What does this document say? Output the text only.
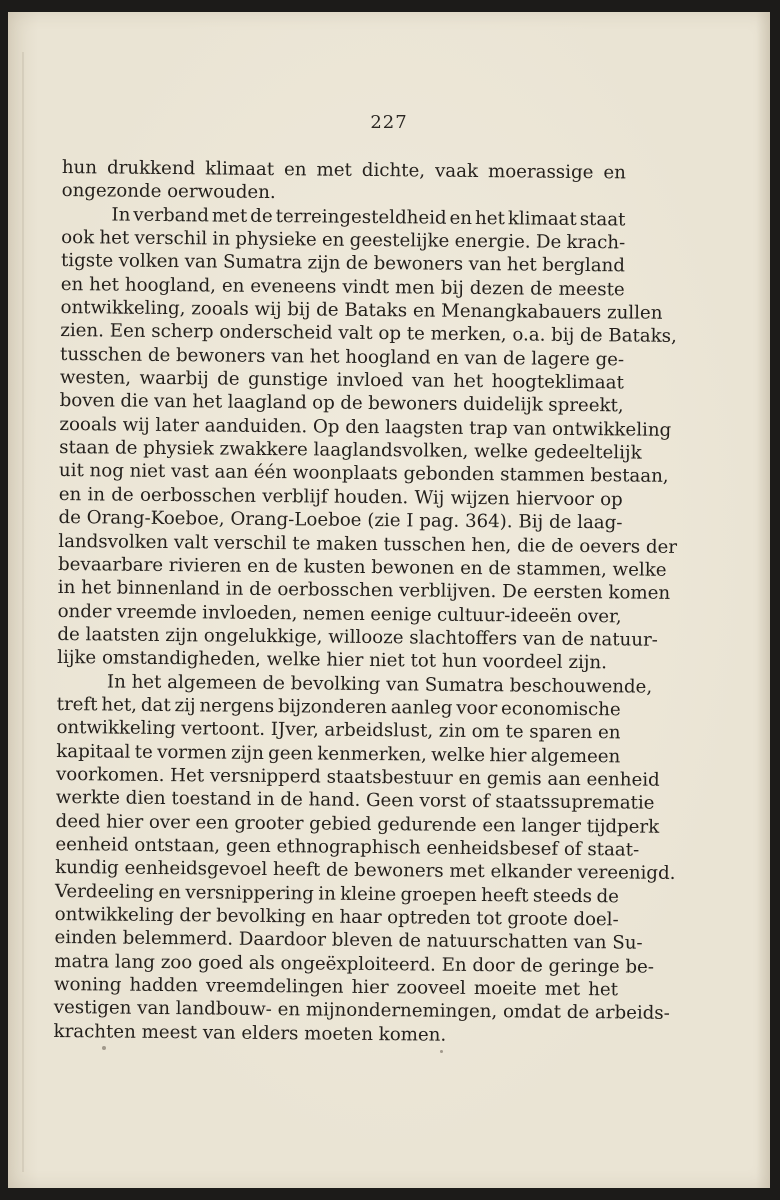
227
hun drukkend klimaat en met dichte, vaak moerassige en
ongezonde oerwouden.
In verband met de terreingesteldheid en het klimaat staat
ook het verschil in physieke en geestelijke energie. De krach-
tigste volken van Sumatra zijn de bewoners van het bergland
en het hoogland, en eveneens vindt men bij dezen de meeste
ontwikkeling, zooals wij bij de Bataks en Menangkabauers zullen
zien. Een scherp onderscheid valt op te merken, o.a. bij de Bataks,
tusschen de bewoners van het hoogland en van de lagere ge-
westen, waarbij de gunstige invloed van het hoogteklimaat
boven die van het laagland op de bewoners duidelijk spreekt,
zooals wij later aanduiden. Op den laagsten trap van ontwikkeling
staan de physiek zwakkere laaglandsvolken, welke gedeeltelijk
uit nog niet vast aan één woonplaats gebonden stammen bestaan,
en in de oerbosschen verblijf houden. Wij wijzen hiervoor op
de Orang-Koeboe, Orang-Loeboe (zie I pag. 364). Bij de laag-
landsvolken valt verschil te maken tusschen hen, die de oevers der
bevaarbare rivieren en de kusten bewonen en de stammen, welke
in het binnenland in de oerbosschen verblijven. De eersten komen
onder vreemde invloeden, nemen eenige cultuur-ideeën over,
de laatsten zijn ongelukkige, willooze slachtoffers van de natuur-
lijke omstandigheden, welke hier niet tot hun voordeel zijn.
In het algemeen de bevolking van Sumatra beschouwende,
treft het, dat zij nergens bijzonderen aanleg voor economische
ontwikkeling vertoont. IJver, arbeidslust, zin om te sparen en
kapitaal te vormen zijn geen kenmerken, welke hier algemeen
voorkomen. Het versnipperd staatsbestuur en gemis aan eenheid
werkte dien toestand in de hand. Geen vorst of staatssuprematie
deed hier over een grooter gebied gedurende een langer tijdperk
eenheid ontstaan, geen ethnographisch eenheidsbesef of staat-
kundig eenheidsgevoel heeft de bewoners met elkander vereenigd.
Verdeeling en versnippering in kleine groepen heeft steeds de
ontwikkeling der bevolking en haar optreden tot groote doel-
einden belemmerd. Daardoor bleven de natuurschatten van Su-
matra lang zoo goed als ongeëxploiteerd. En door de geringe be-
woning hadden vreemdelingen hier zooveel moeite met het
vestigen van landbouw- en mijnondernemingen, omdat de arbeids-
krachten meest van elders moeten komen.
